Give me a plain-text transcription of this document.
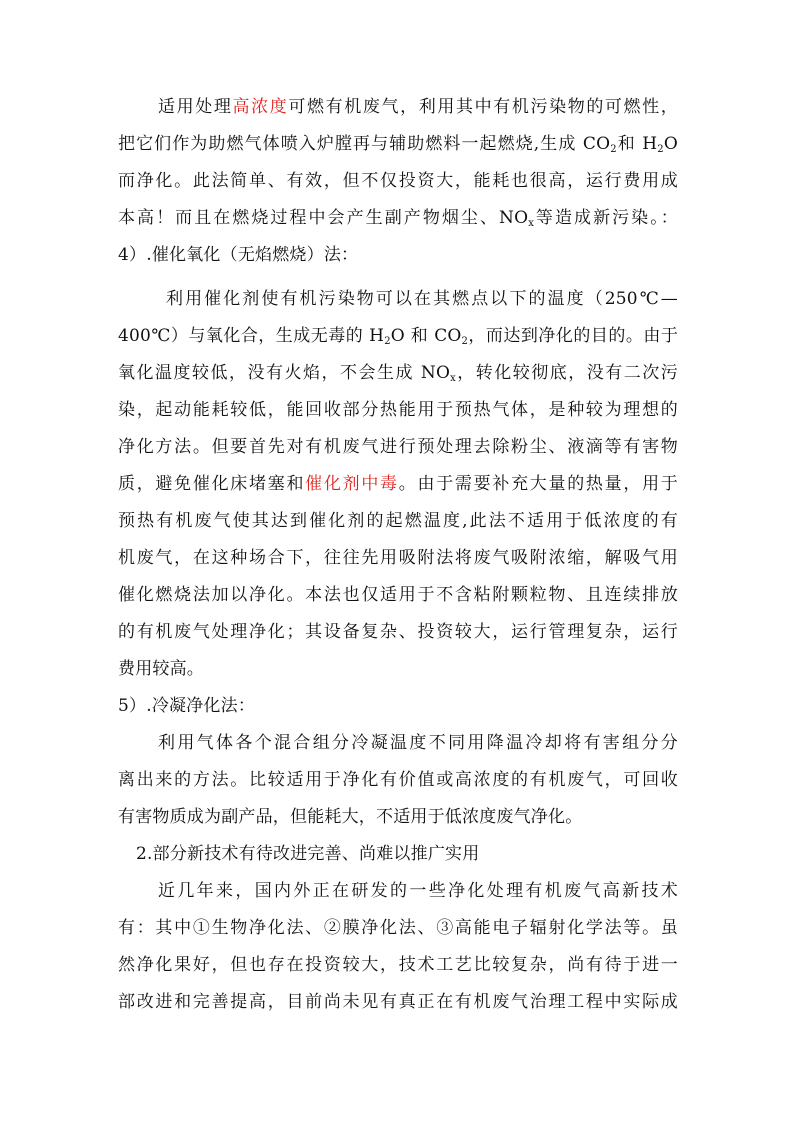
适用处理高浓度可燃有机废气，利用其中有机污染物的可燃性，
把它们作为助燃气体喷入炉膛再与辅助燃料一起燃烧,生成 $CO_2$和 $H_2O$
而净化。此法简单、有效，但不仅投资大，能耗也很高，运行费用成
本高！而且在燃烧过程中会产生副产物烟尘、$NO_x$等造成新污染。：
4）.催化氧化（无焰燃烧）法：
利用催化剂使有机污染物可以在其燃点以下的温度（250℃—
400℃）与氧化合，生成无毒的 $H_2O$ 和 $CO_2$，而达到净化的目的。由于
氧化温度较低，没有火焰，不会生成 $NO_x$，转化较彻底，没有二次污
染，起动能耗较低，能回收部分热能用于预热气体，是种较为理想的
净化方法。但要首先对有机废气进行预处理去除粉尘、液滴等有害物
质，避免催化床堵塞和催化剂中毒。由于需要补充大量的热量，用于
预热有机废气使其达到催化剂的起燃温度,此法不适用于低浓度的有
机废气，在这种场合下，往往先用吸附法将废气吸附浓缩，解吸气用
催化燃烧法加以净化。本法也仅适用于不含粘附颗粒物、且连续排放
的有机废气处理净化；其设备复杂、投资较大，运行管理复杂，运行
费用较高。
5）.冷凝净化法：
利用气体各个混合组分冷凝温度不同用降温冷却将有害组分分
离出来的方法。比较适用于净化有价值或高浓度的有机废气，可回收
有害物质成为副产品，但能耗大，不适用于低浓度废气净化。
2.部分新技术有待改进完善、尚难以推广实用
近几年来，国内外正在研发的一些净化处理有机废气高新技术
有：其中①生物净化法、②膜净化法、③高能电子辐射化学法等。虽
然净化果好，但也存在投资较大，技术工艺比较复杂，尚有待于进一
部改进和完善提高，目前尚未见有真正在有机废气治理工程中实际成
